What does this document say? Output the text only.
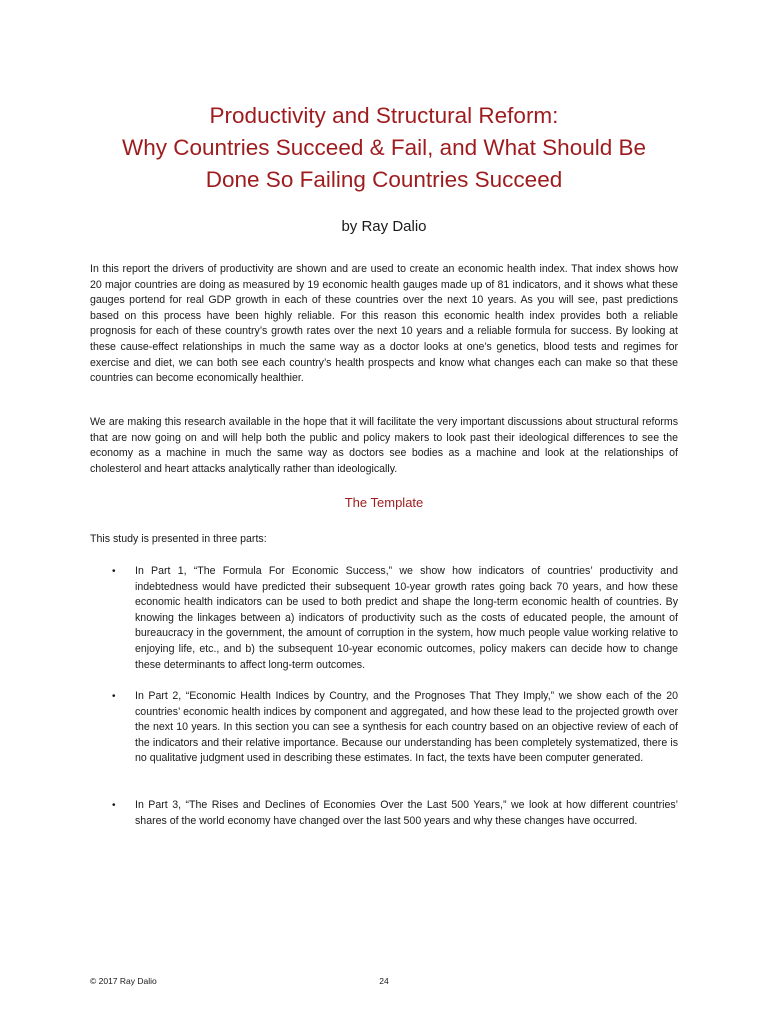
Productivity and Structural Reform:
Why Countries Succeed & Fail, and What Should Be
Done So Failing Countries Succeed
by Ray Dalio

In this report the drivers of productivity are shown and are used to create an economic health index. That index shows how 20 major countries are doing as measured by 19 economic health gauges made up of 81 indicators, and it shows what these gauges portend for real GDP growth in each of these countries over the next 10 years. As you will see, past predictions based on this process have been highly reliable. For this reason this economic health index provides both a reliable prognosis for each of these country’s growth rates over the next 10 years and a reliable formula for success. By looking at these cause-effect relationships in much the same way as a doctor looks at one’s genetics, blood tests and regimes for exercise and diet, we can both see each country’s health prospects and know what changes each can make so that these countries can become economically healthier.

We are making this research available in the hope that it will facilitate the very important discussions about structural reforms that are now going on and will help both the public and policy makers to look past their ideological differences to see the economy as a machine in much the same way as doctors see bodies as a machine and look at the relationships of cholesterol and heart attacks analytically rather than ideologically.

The Template
This study is presented in three parts:
•	In Part 1, “The Formula For Economic Success,” we show how indicators of countries’ productivity and indebtedness would have predicted their subsequent 10-year growth rates going back 70 years, and how these economic health indicators can be used to both predict and shape the long-term economic health of countries. By knowing the linkages between a) indicators of productivity such as the costs of educated people, the amount of bureaucracy in the government, the amount of corruption in the system, how much people value working relative to enjoying life, etc., and b) the subsequent 10-year economic outcomes, policy makers can decide how to change these determinants to affect long-term outcomes.
•	In Part 2, “Economic Health Indices by Country, and the Prognoses That They Imply,” we show each of the 20 countries’ economic health indices by component and aggregated, and how these lead to the projected growth over the next 10 years. In this section you can see a synthesis for each country based on an objective review of each of the indicators and their relative importance. Because our understanding has been completely systematized, there is no qualitative judgment used in describing these estimates. In fact, the texts have been computer generated.
•	In Part 3, “The Rises and Declines of Economies Over the Last 500 Years,” we look at how different countries’ shares of the world economy have changed over the last 500 years and why these changes have occurred.
© 2017 Ray Dalio	24
